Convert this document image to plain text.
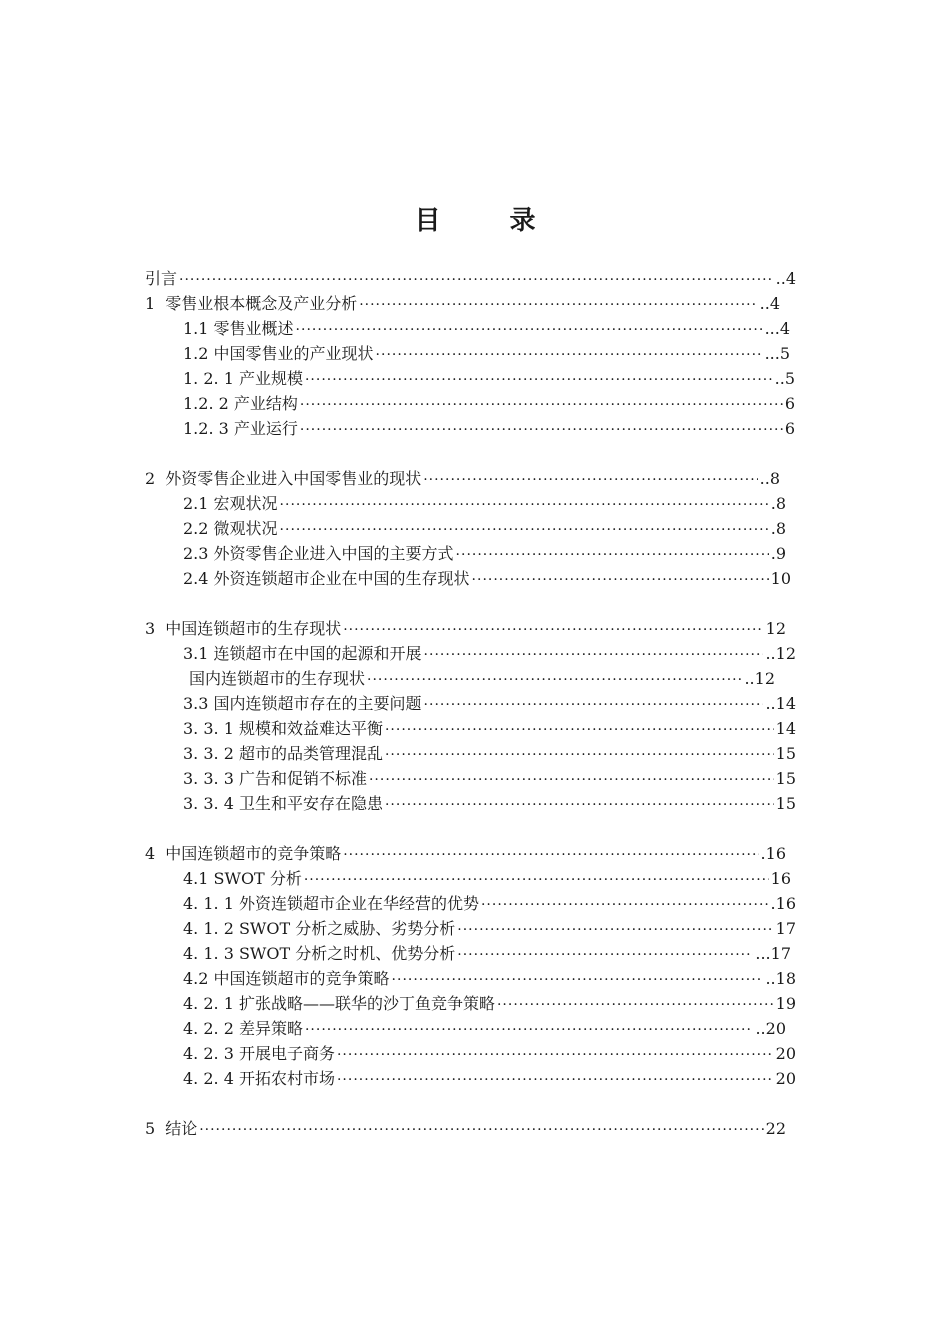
目 录
引言 ·····	..4
1 零售业根本概念及产业分析 ·····	..4
1.1 零售业概述 ·····	...4
1.2 中国零售业的产业现状 ·····	...5
1. 2. 1 产业规模 ·····	..5
1.2. 2 产业结构 ·····	6
1.2. 3 产业运行 ·····	6
2 外资零售企业进入中国零售业的现状 ·····	..8
2.1 宏观状况 ·····	.8
2.2 微观状况 ·····	.8
2.3 外资零售企业进入中国的主要方式 ·····	.9
2.4 外资连锁超市企业在中国的生存现状 ·····	10
3 中国连锁超市的生存现状 ·····	12
3.1 连锁超市在中国的起源和开展 ·····	..12
国内连锁超市的生存现状 ·····	..12
3.3 国内连锁超市存在的主要问题 ·····	..14
3. 3. 1 规模和效益难达平衡 ·····	14
3. 3. 2 超市的品类管理混乱 ·····	15
3. 3. 3 广告和促销不标准 ·····	15
3. 3. 4 卫生和平安存在隐患 ·····	15
4 中国连锁超市的竞争策略 ·····	.16
4.1 SWOT 分析 ·····	16
4. 1. 1 外资连锁超市企业在华经营的优势 ·····	.16
4. 1. 2 SWOT 分析之威胁、劣势分析 ·····	17
4. 1. 3 SWOT 分析之时机、优势分析 ·····	...17
4.2 中国连锁超市的竞争策略 ·····	..18
4. 2. 1 扩张战略——联华的沙丁鱼竞争策略 ·····	19
4. 2. 2 差异策略 ·····	..20
4. 2. 3 开展电子商务 ·····	20
4. 2. 4 开拓农村市场 ·····	20
5 结论 ·····	22
